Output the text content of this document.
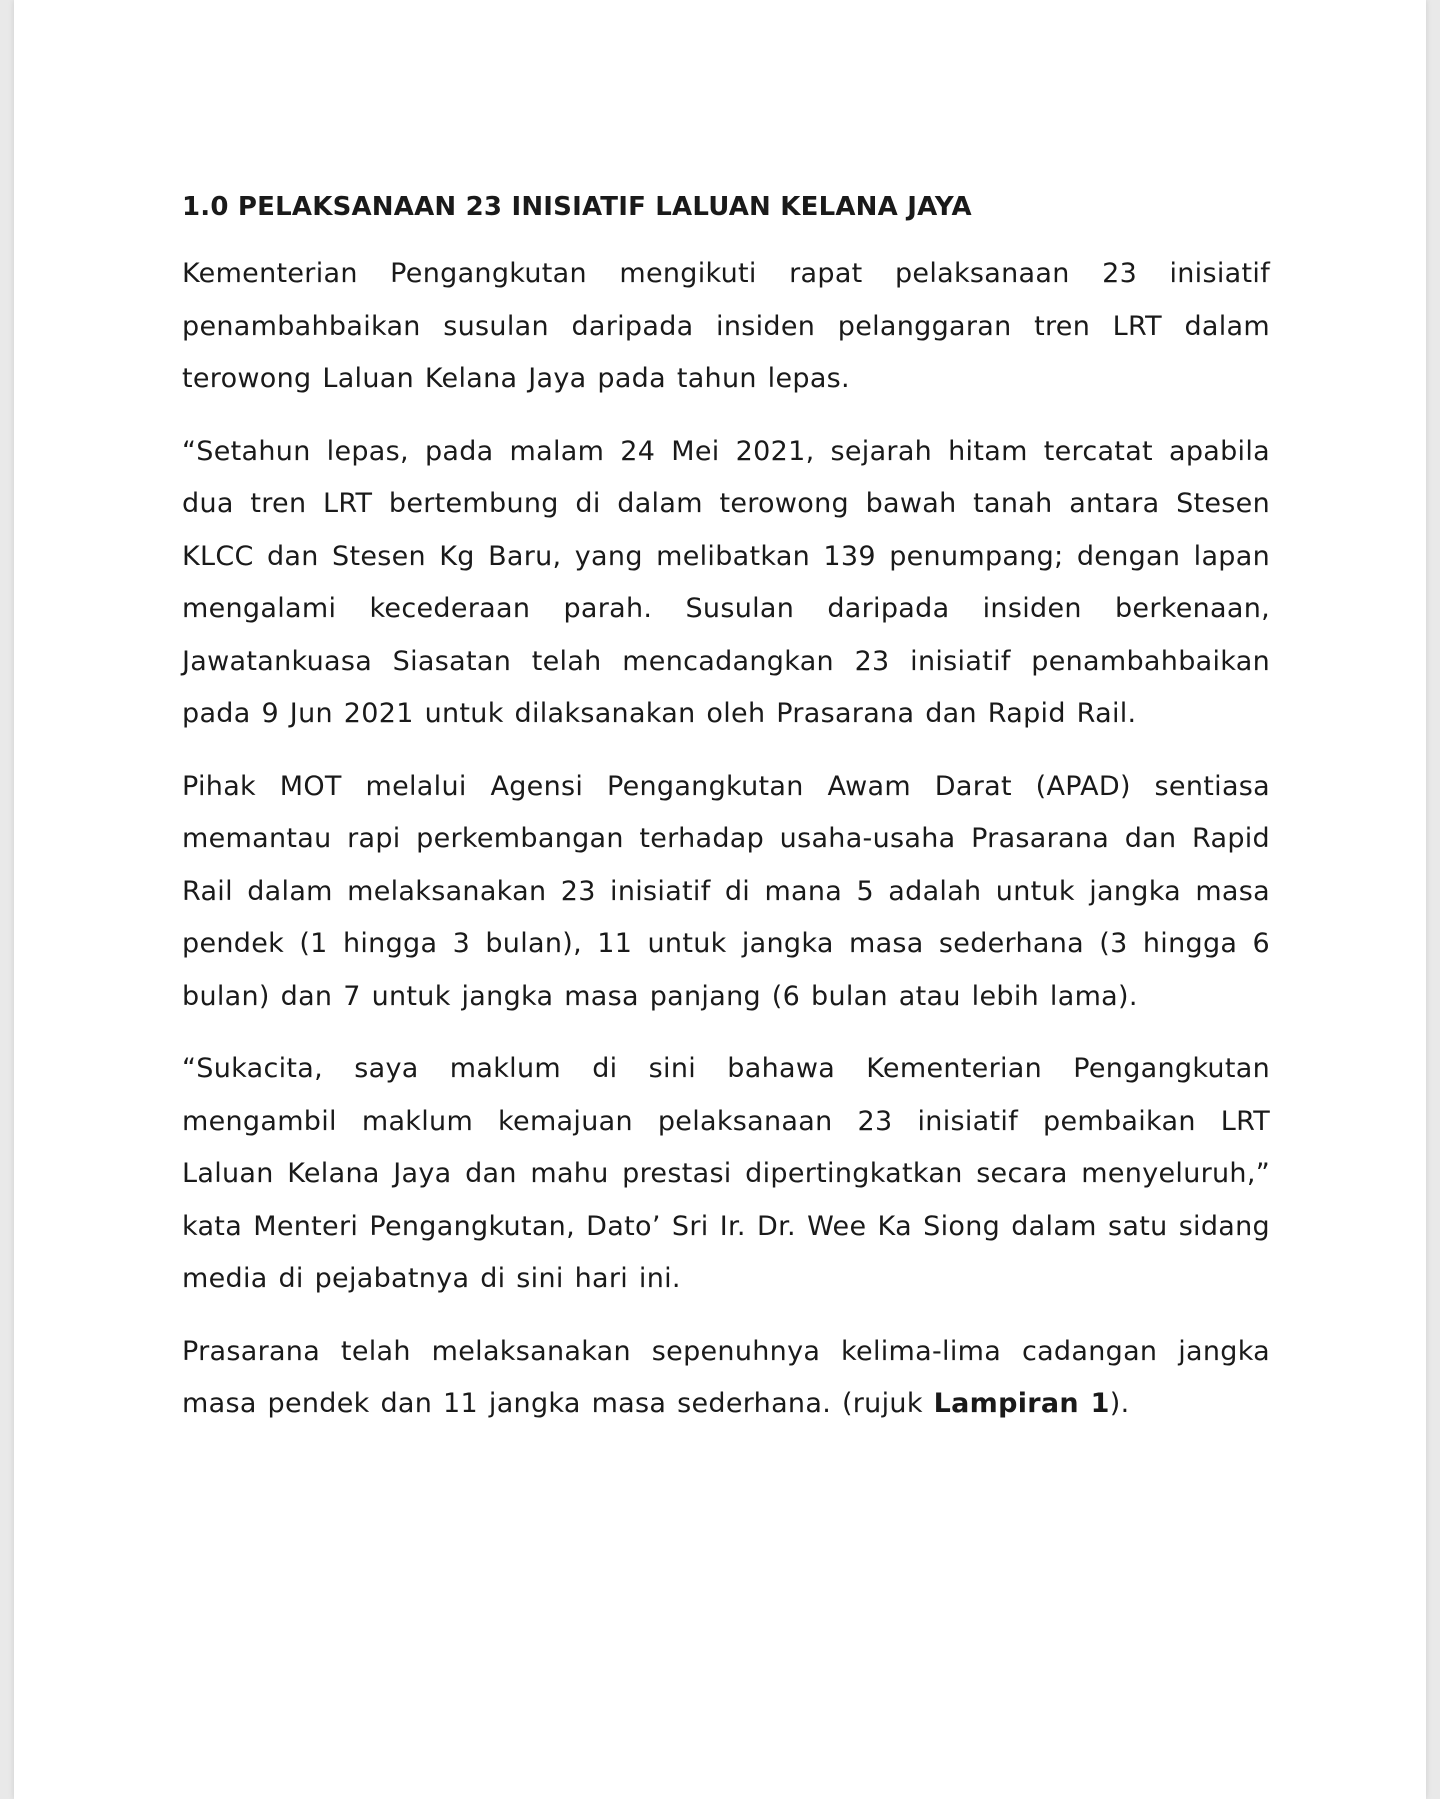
1.0 PELAKSANAAN 23 INISIATIF LALUAN KELANA JAYA

Kementerian Pengangkutan mengikuti rapat pelaksanaan 23 inisiatif penambahbaikan susulan daripada insiden pelanggaran tren LRT dalam terowong Laluan Kelana Jaya pada tahun lepas.

“Setahun lepas, pada malam 24 Mei 2021, sejarah hitam tercatat apabila dua tren LRT bertembung di dalam terowong bawah tanah antara Stesen KLCC dan Stesen Kg Baru, yang melibatkan 139 penumpang; dengan lapan mengalami kecederaan parah. Susulan daripada insiden berkenaan, Jawatankuasa Siasatan telah mencadangkan 23 inisiatif penambahbaikan pada 9 Jun 2021 untuk dilaksanakan oleh Prasarana dan Rapid Rail.

Pihak MOT melalui Agensi Pengangkutan Awam Darat (APAD) sentiasa memantau rapi perkembangan terhadap usaha-usaha Prasarana dan Rapid Rail dalam melaksanakan 23 inisiatif di mana 5 adalah untuk jangka masa pendek (1 hingga 3 bulan), 11 untuk jangka masa sederhana (3 hingga 6 bulan) dan 7 untuk jangka masa panjang (6 bulan atau lebih lama).

“Sukacita, saya maklum di sini bahawa Kementerian Pengangkutan mengambil maklum kemajuan pelaksanaan 23 inisiatif pembaikan LRT Laluan Kelana Jaya dan mahu prestasi dipertingkatkan secara menyeluruh,” kata Menteri Pengangkutan, Dato’ Sri Ir. Dr. Wee Ka Siong dalam satu sidang media di pejabatnya di sini hari ini.

Prasarana telah melaksanakan sepenuhnya kelima-lima cadangan jangka masa pendek dan 11 jangka masa sederhana. (rujuk Lampiran 1).
